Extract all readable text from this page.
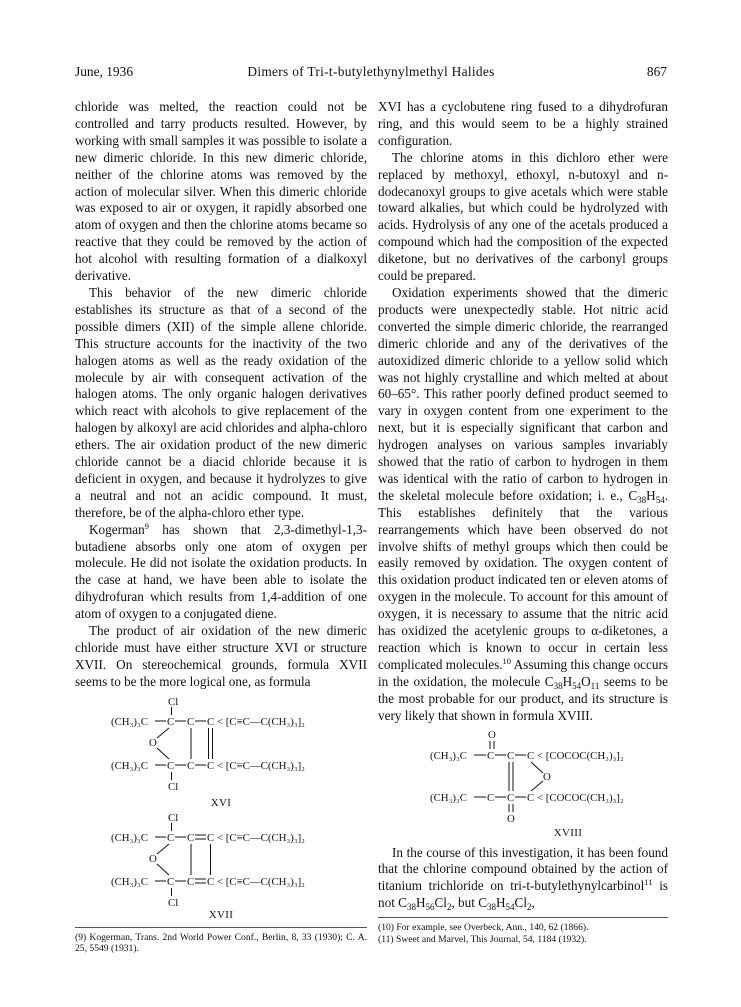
June, 1936	Dimers of Tri-t-butylethynylmethyl Halides	867

chloride was melted, the reaction could not be controlled and tarry products resulted. However, by working with small samples it was possible to isolate a new dimeric chloride. In this new dimeric chloride, neither of the chlorine atoms was removed by the action of molecular silver. When this dimeric chloride was exposed to air or oxygen, it rapidly absorbed one atom of oxygen and then the chlorine atoms became so reactive that they could be removed by the action of hot alcohol with resulting formation of a dialkoxyl derivative.

This behavior of the new dimeric chloride establishes its structure as that of a second of the possible dimers (XII) of the simple allene chloride. This structure accounts for the inactivity of the two halogen atoms as well as the ready oxidation of the molecule by air with consequent activation of the halogen atoms. The only organic halogen derivatives which react with alcohols to give replacement of the halogen by alkoxyl are acid chlorides and alpha-chloro ethers. The air oxidation product of the new dimeric chloride cannot be a diacid chloride because it is deficient in oxygen, and because it hydrolyzes to give a neutral and not an acidic compound. It must, therefore, be of the alpha-chloro ether type.

Kogerman$^9$ has shown that 2,3-dimethyl-1,3-butadiene absorbs only one atom of oxygen per molecule. He did not isolate the oxidation products. In the case at hand, we have been able to isolate the dihydrofuran which results from 1,4-addition of one atom of oxygen to a conjugated diene.

The product of air oxidation of the new dimeric chloride must have either structure XVI or structure XVII. On stereochemical grounds, formula XVII seems to be the more logical one, as formula

Cl
(CH₃)₃C C C C < [C≡C—C(CH₃)₃]₂
O
(CH₃)₃C C C C < [C≡C—C(CH₃)₃]₂
Cl
XVI
Cl
(CH₃)₃C C C C < [C≡C—C(CH₃)₃]₂
O
(CH₃)₃C C C C < [C≡C—C(CH₃)₃]₂
Cl
XVII
(9) Kogerman, Trans. 2nd World Power Conf., Berlin, 8, 33 (1930); C. A. 25, 5549 (1931).

XVI has a cyclobutene ring fused to a dihydrofuran ring, and this would seem to be a highly strained configuration.

The chlorine atoms in this dichloro ether were replaced by methoxyl, ethoxyl, n-butoxyl and n-dodecanoxyl groups to give acetals which were stable toward alkalies, but which could be hydrolyzed with acids. Hydrolysis of any one of the acetals produced a compound which had the composition of the expected diketone, but no derivatives of the carbonyl groups could be prepared.

Oxidation experiments showed that the dimeric products were unexpectedly stable. Hot nitric acid converted the simple dimeric chloride, the rearranged dimeric chloride and any of the derivatives of the autoxidized dimeric chloride to a yellow solid which was not highly crystalline and which melted at about 60–65°. This rather poorly defined product seemed to vary in oxygen content from one experiment to the next, but it is especially significant that carbon and hydrogen analyses on various samples invariably showed that the ratio of carbon to hydrogen in them was identical with the ratio of carbon to hydrogen in the skeletal molecule before oxidation; i. e., $C_{38}H_{54}$. This establishes definitely that the various rearrangements which have been observed do not involve shifts of methyl groups which then could be easily removed by oxidation. The oxygen content of this oxidation product indicated ten or eleven atoms of oxygen in the molecule. To account for this amount of oxygen, it is necessary to assume that the nitric acid has oxidized the acetylenic groups to α-diketones, a reaction which is known to occur in certain less complicated molecules.$^{10}$ Assuming this change occurs in the oxidation, the molecule $C_{38}H_{54}O_{11}$ seems to be the most probable for our product, and its structure is very likely that shown in formula XVIII.

O
(CH₃)₃C C C C < [COCOC(CH₃)₃]₂
O
(CH₃)₃C C C C < [COCOC(CH₃)₃]₂
O
XVIII

In the course of this investigation, it has been found that the chlorine compound obtained by the action of titanium trichloride on tri-t-butylethynylcarbinol$^{11}$ is not $C_{38}H_{56}Cl_2$, but $C_{38}H_{54}Cl_2$,

(10) For example, see Overbeck, Ann., 140, 62 (1866).
(11) Sweet and Marvel, This Journal, 54, 1184 (1932).
